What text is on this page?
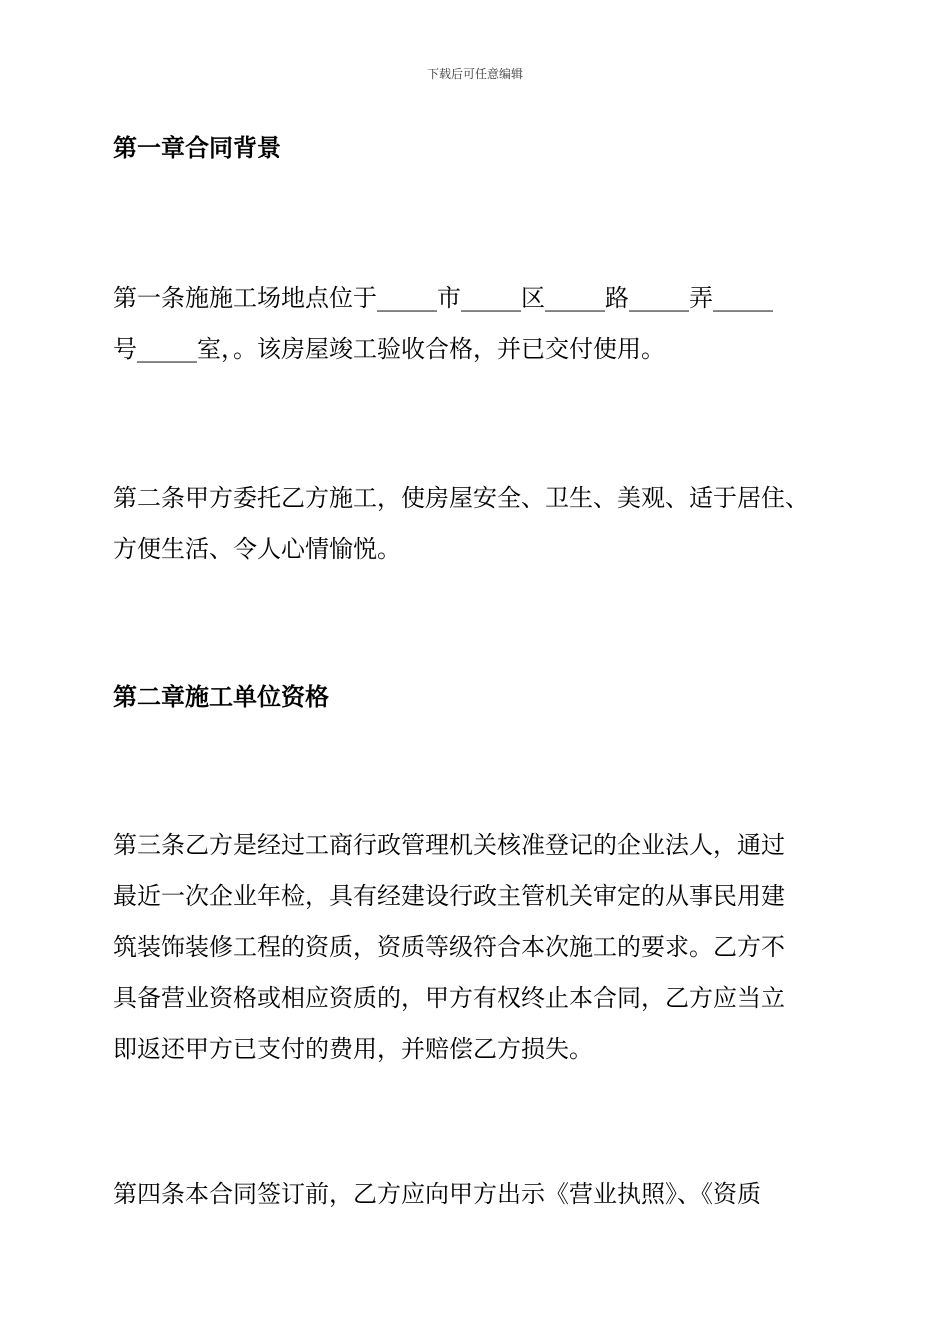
下载后可任意编辑
第一章合同背景
第一条施施工场地点位于_____市_____区_____路_____弄_____
号_____室，。该房屋竣工验收合格，并已交付使用。
第二条甲方委托乙方施工，使房屋安全、卫生、美观、适于居住、
方便生活、令人心情愉悦。
第二章施工单位资格
第三条乙方是经过工商行政管理机关核准登记的企业法人，通过
最近一次企业年检，具有经建设行政主管机关审定的从事民用建
筑装饰装修工程的资质，资质等级符合本次施工的要求。乙方不
具备营业资格或相应资质的，甲方有权终止本合同，乙方应当立
即返还甲方已支付的费用，并赔偿乙方损失。
第四条本合同签订前，乙方应向甲方出示《营业执照》、《资质
